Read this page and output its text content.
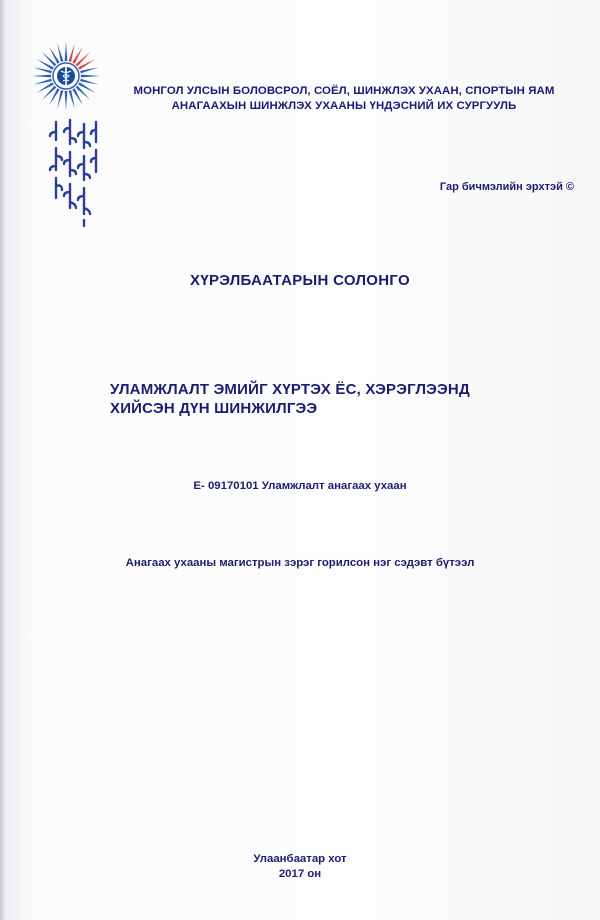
МОНГОЛ УЛСЫН БОЛОВСРОЛ, СОЁЛ, ШИНЖЛЭХ УХААН, СПОРТЫН ЯАМ
АНАГААХЫН ШИНЖЛЭХ УХААНЫ ҮНДЭСНИЙ ИХ СУРГУУЛЬ
Гар бичмэлийн эрхтэй ©
ХҮРЭЛБААТАРЫН СОЛОНГО
УЛАМЖЛАЛТ ЭМИЙГ ХҮРТЭХ ЁС, ХЭРЭГЛЭЭНД
ХИЙСЭН ДҮН ШИНЖИЛГЭЭ
Е- 09170101 Уламжлалт анагаах ухаан
Анагаах ухааны магистрын зэрэг горилсон нэг сэдэвт бүтээл
Улаанбаатар хот
2017 он
